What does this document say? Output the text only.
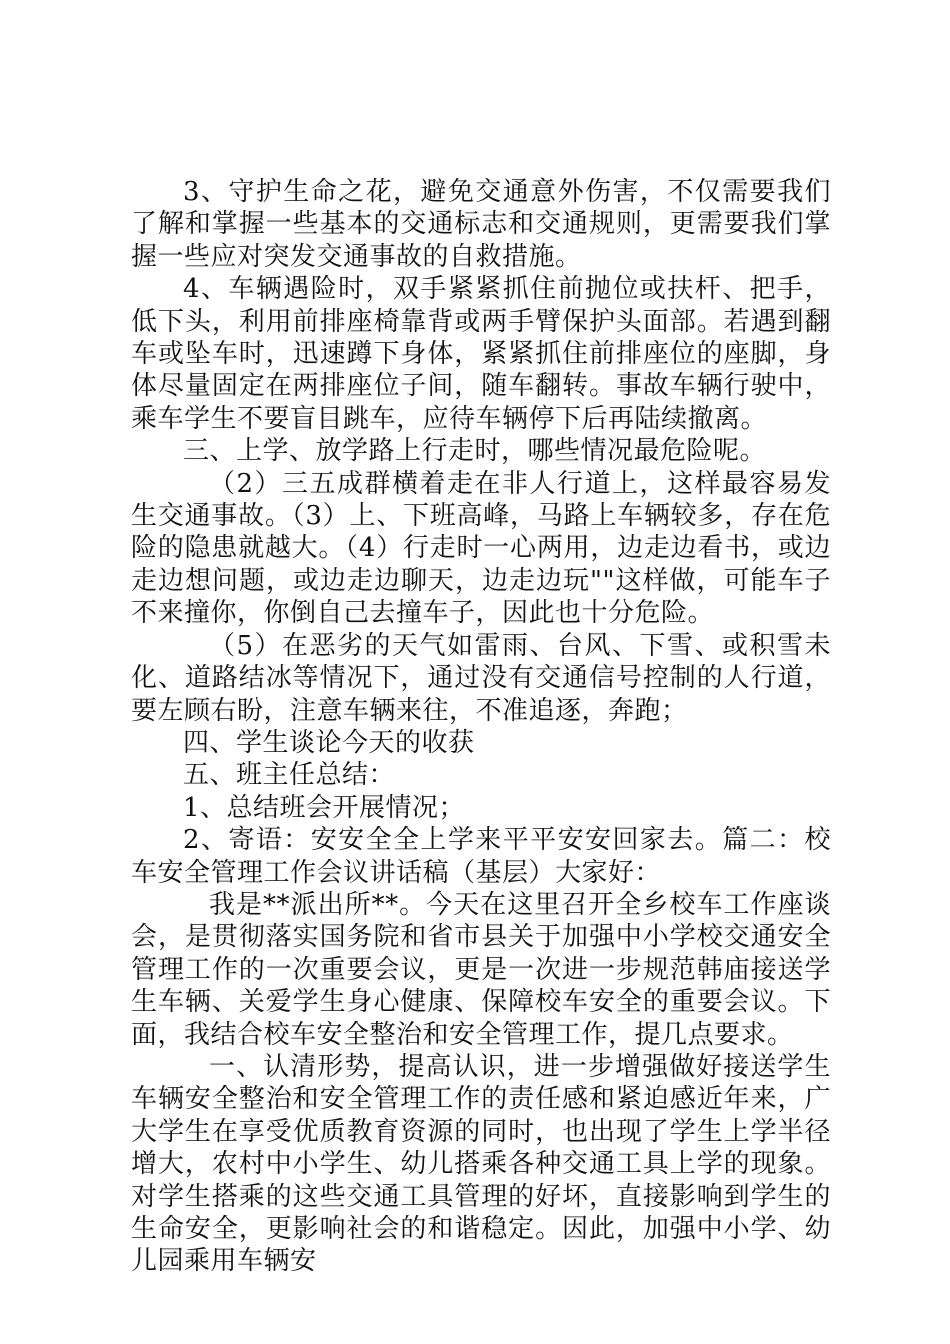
3、守护生命之花，避免交通意外伤害，不仅需要我们了解和掌握一些基本的交通标志和交通规则，更需要我们掌握一些应对突发交通事故的自救措施。

4、车辆遇险时，双手紧紧抓住前抛位或扶杆、把手，低下头，利用前排座椅靠背或两手臂保护头面部。若遇到翻车或坠车时，迅速蹲下身体，紧紧抓住前排座位的座脚，身体尽量固定在两排座位子间，随车翻转。事故车辆行驶中，乘车学生不要盲目跳车，应待车辆停下后再陆续撤离。

三、上学、放学路上行走时，哪些情况最危险呢。

（2）三五成群横着走在非人行道上，这样最容易发生交通事故。（3）上、下班高峰，马路上车辆较多，存在危险的隐患就越大。（4）行走时一心两用，边走边看书，或边走边想问题，或边走边聊天，边走边玩""这样做，可能车子不来撞你，你倒自己去撞车子，因此也十分危险。

（5）在恶劣的天气如雷雨、台风、下雪、或积雪未化、道路结冰等情况下，通过没有交通信号控制的人行道，要左顾右盼，注意车辆来往，不准追逐，奔跑；

四、学生谈论今天的收获

五、班主任总结：

1、总结班会开展情况；

2、寄语：安安全全上学来平平安安回家去。篇二：校车安全管理工作会议讲话稿（基层）大家好：

我是**派出所**。今天在这里召开全乡校车工作座谈会，是贯彻落实国务院和省市县关于加强中小学校交通安全管理工作的一次重要会议，更是一次进一步规范韩庙接送学生车辆、关爱学生身心健康、保障校车安全的重要会议。下面，我结合校车安全整治和安全管理工作，提几点要求。

一、认清形势，提高认识，进一步增强做好接送学生车辆安全整治和安全管理工作的责任感和紧迫感近年来，广大学生在享受优质教育资源的同时，也出现了学生上学半径增大，农村中小学生、幼儿搭乘各种交通工具上学的现象。对学生搭乘的这些交通工具管理的好坏，直接影响到学生的生命安全，更影响社会的和谐稳定。因此，加强中小学、幼儿园乘用车辆安
